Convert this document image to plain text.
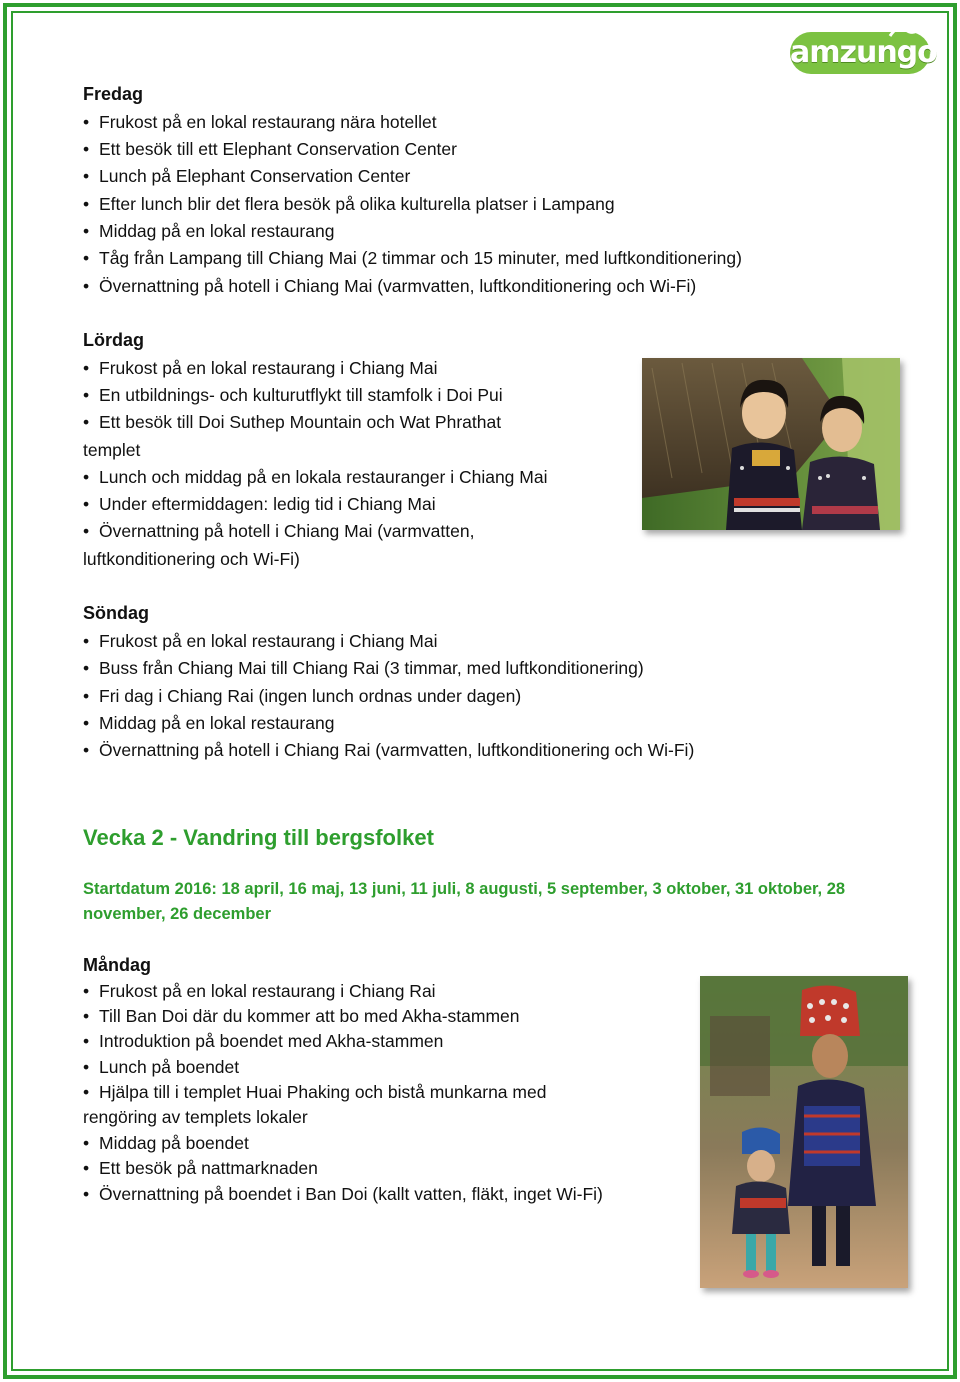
amzungo
Fredag
• Frukost på en lokal restaurang nära hotellet
• Ett besök till ett Elephant Conservation Center
• Lunch på Elephant Conservation Center
• Efter lunch blir det flera besök på olika kulturella platser i Lampang
• Middag på en lokal restaurang
• Tåg från Lampang till Chiang Mai (2 timmar och 15 minuter, med luftkonditionering)
• Övernattning på hotell i Chiang Mai (varmvatten, luftkonditionering och Wi-Fi)
Lördag
• Frukost på en lokal restaurang i Chiang Mai
• En utbildnings- och kulturutflykt till stamfolk i Doi Pui
• Ett besök till Doi Suthep Mountain och Wat Phrathat
templet
• Lunch och middag på en lokala restauranger i Chiang Mai
• Under eftermiddagen: ledig tid i Chiang Mai
• Övernattning på hotell i Chiang Mai (varmvatten,
luftkonditionering och Wi-Fi)
Söndag
• Frukost på en lokal restaurang i Chiang Mai
• Buss från Chiang Mai till Chiang Rai (3 timmar, med luftkonditionering)
• Fri dag i Chiang Rai (ingen lunch ordnas under dagen)
• Middag på en lokal restaurang
• Övernattning på hotell i Chiang Rai (varmvatten, luftkonditionering och Wi-Fi)
Vecka 2 - Vandring till bergsfolket
Startdatum 2016: 18 april, 16 maj, 13 juni, 11 juli, 8 augusti, 5 september, 3 oktober, 31 oktober, 28 november, 26 december
Måndag
• Frukost på en lokal restaurang i Chiang Rai
• Till Ban Doi där du kommer att bo med Akha-stammen
• Introduktion på boendet med Akha-stammen
• Lunch på boendet
• Hjälpa till i templet Huai Phaking och bistå munkarna med
rengöring av templets lokaler
• Middag på boendet
• Ett besök på nattmarknaden
• Övernattning på boendet i Ban Doi (kallt vatten, fläkt, inget Wi-Fi)
